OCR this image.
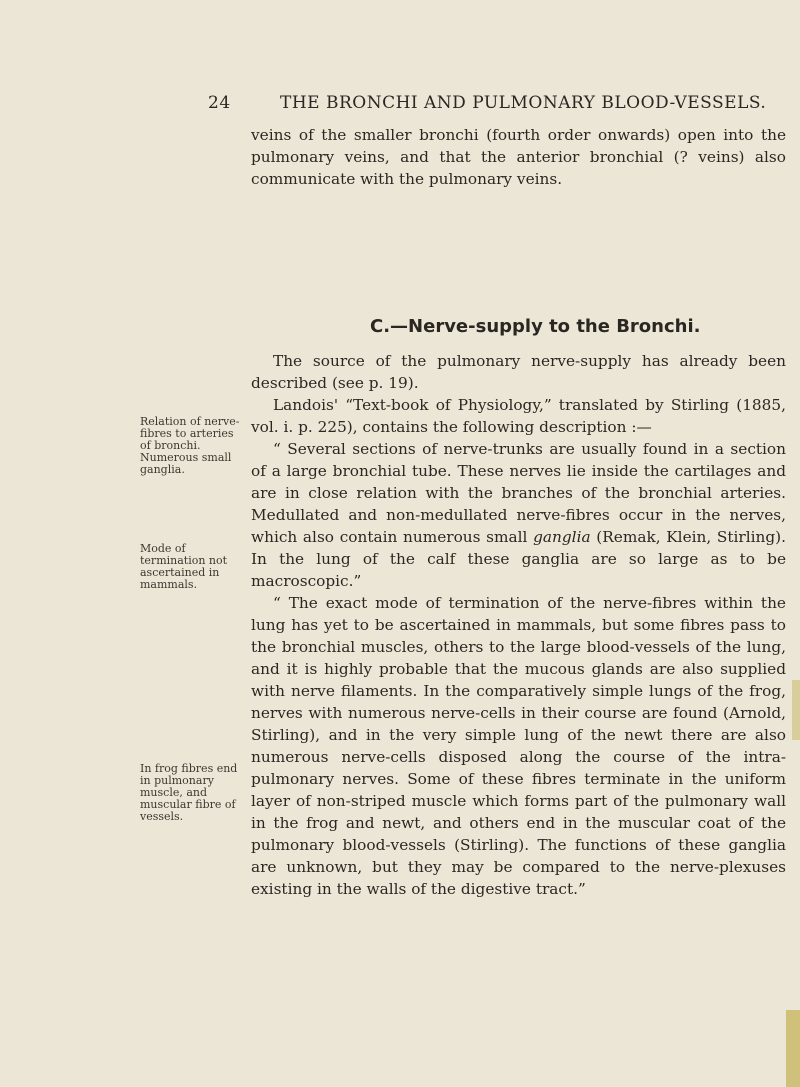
24	THE BRONCHI AND PULMONARY BLOOD-VESSELS.
veins of the smaller bronchi (fourth order onwards) open into the pulmonary veins, and that the anterior bronchial (? veins) also communicate with the pulmonary veins.
C.—Nerve-supply to the Bronchi.
The source of the pulmonary nerve-supply has already been described (see p. 19).
Landois' “Text-book of Physiology,” translated by Stirling (1885, vol. i. p. 225), contains the following description :—
“ Several sections of nerve-trunks are usually found in a section of a large bronchial tube. These nerves lie inside the cartilages and are in close relation with the branches of the bronchial arteries. Medullated and non-medullated nerve-fibres occur in the nerves, which also contain numerous small ganglia (Remak, Klein, Stirling). In the lung of the calf these ganglia are so large as to be macroscopic.”
“ The exact mode of termination of the nerve-fibres within the lung has yet to be ascertained in mammals, but some fibres pass to the bronchial muscles, others to the large blood-vessels of the lung, and it is highly probable that the mucous glands are also supplied with nerve filaments. In the comparatively simple lungs of the frog, nerves with numerous nerve-cells in their course are found (Arnold, Stirling), and in the very simple lung of the newt there are also numerous nerve-cells disposed along the course of the intra-pulmonary nerves. Some of these fibres terminate in the uniform layer of non-striped muscle which forms part of the pulmonary wall in the frog and newt, and others end in the muscular coat of the pulmonary blood-vessels (Stirling). The functions of these ganglia are unknown, but they may be compared to the nerve-plexuses existing in the walls of the digestive tract.”
Relation of nerve-fibres to arteries of bronchi. Numerous small ganglia.
Mode of termination not ascertained in mammals.
In frog fibres end in pulmonary muscle, and muscular fibre of vessels.
